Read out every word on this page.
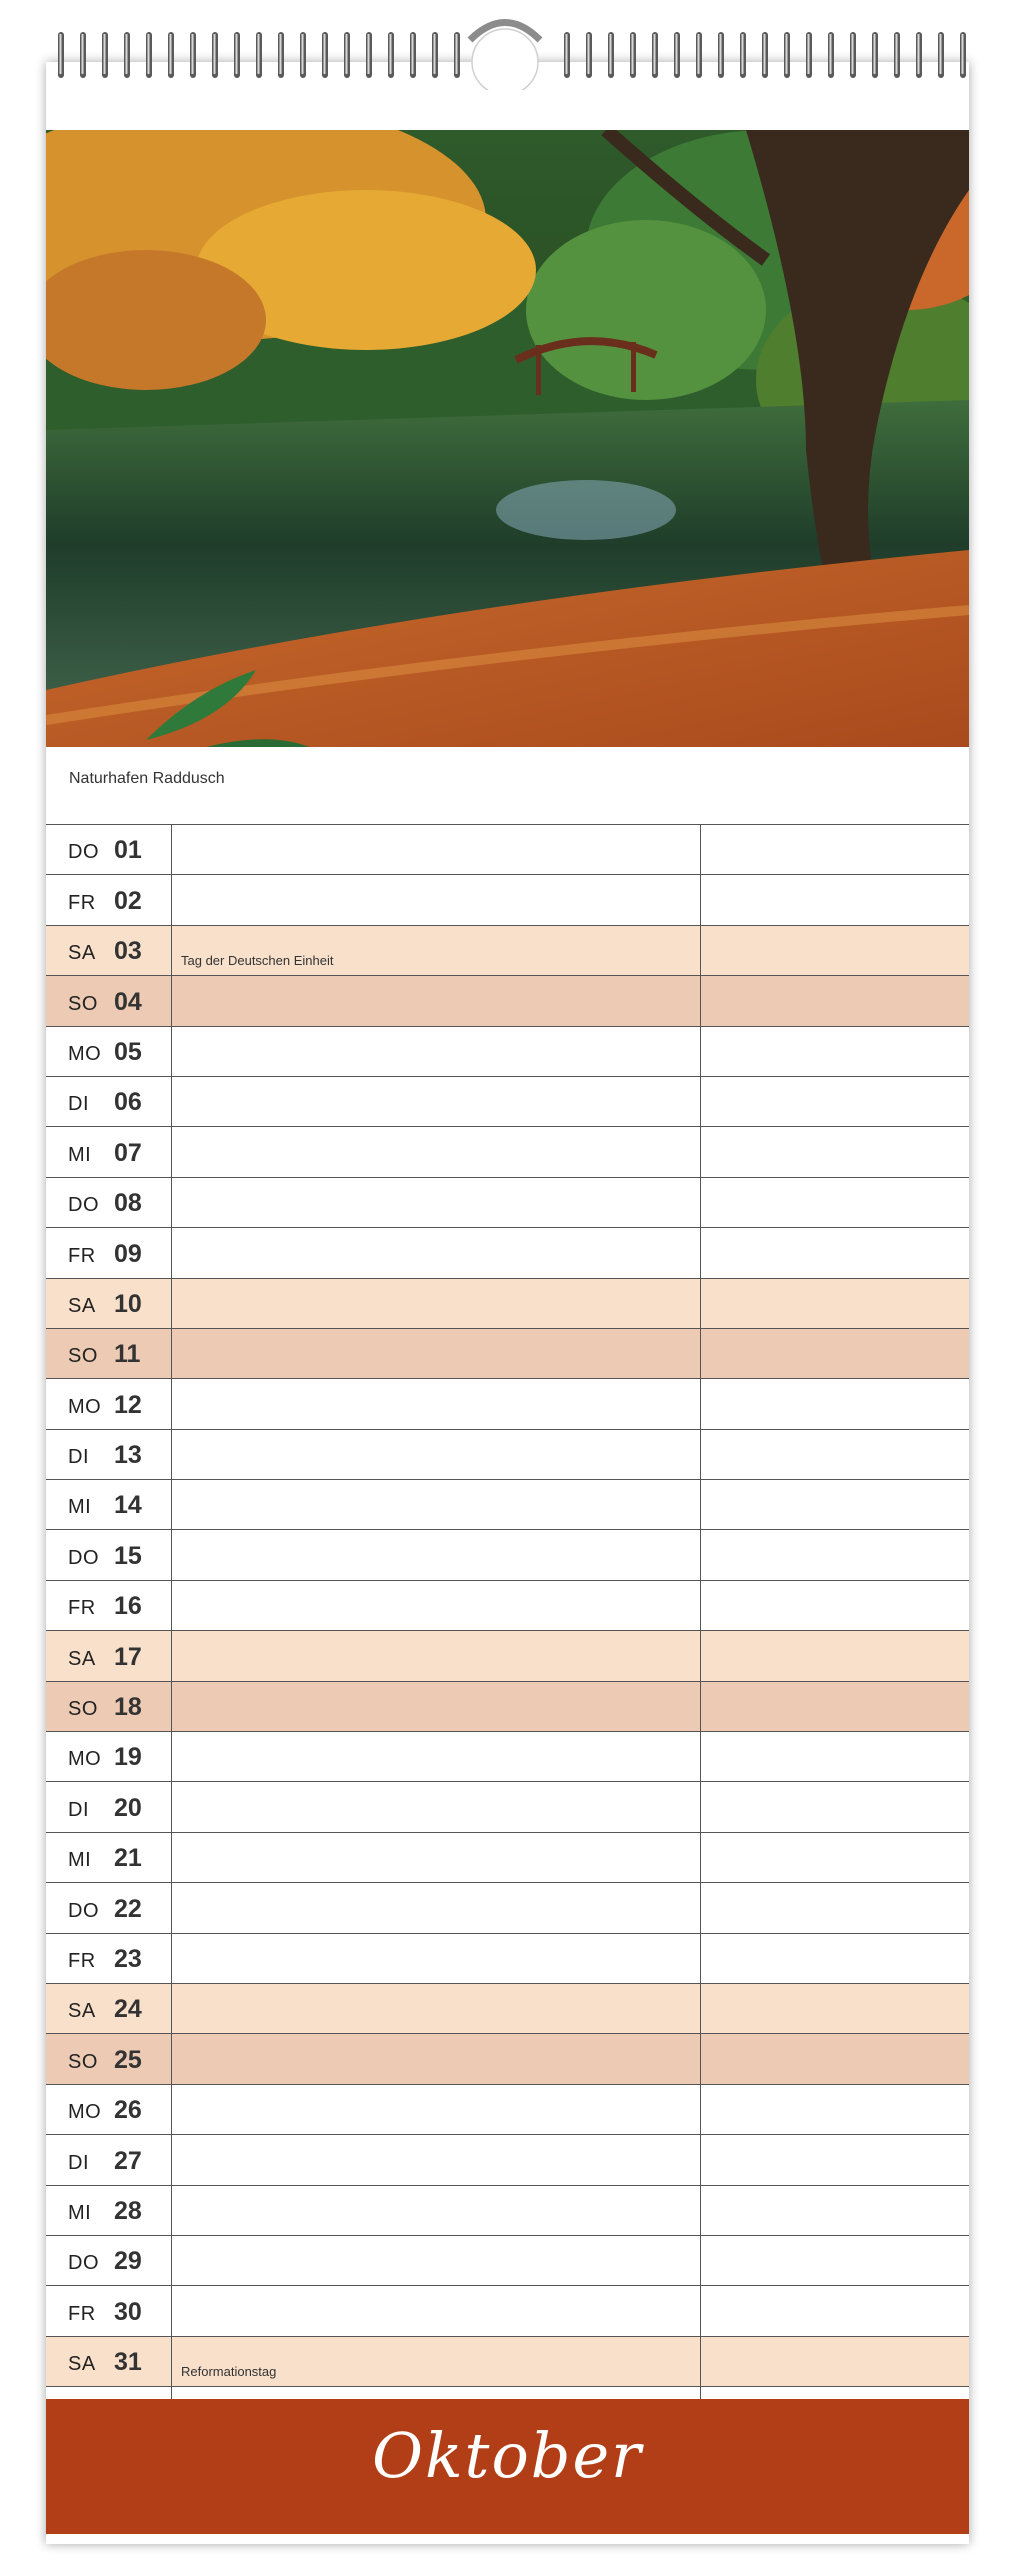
Naturhafen Raddusch
DO 01
FR 02
SA 03	Tag der Deutschen Einheit
SO 04
MO 05
DI 06
MI 07
DO 08
FR 09
SA 10
SO 11
MO 12
DI 13
MI 14
DO 15
FR 16
SA 17
SO 18
MO 19
DI 20
MI 21
DO 22
FR 23
SA 24
SO 25
MO 26
DI 27
MI 28
DO 29
FR 30
SA 31	Reformationstag
Oktober
